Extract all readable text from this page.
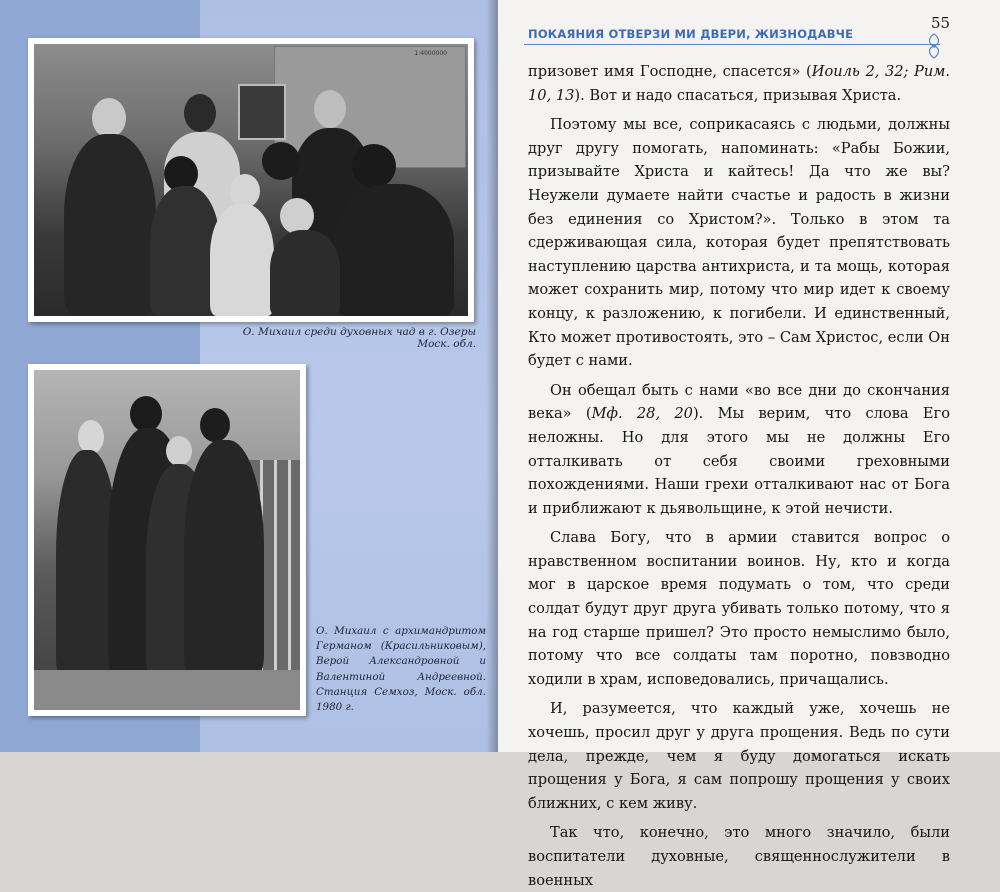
1:4000000
О. Михаил среди духовных чад в г. Озеры Моск. обл.
О. Михаил с архимандритом Германом (Красильниковым), Верой Александровной и Валентиной Андреевной. Станция Семхоз, Моск. обл. 1980 г.
ПОКАЯНИЯ ОТВЕРЗИ МИ ДВЕРИ, ЖИЗНОДАВЧЕ
55

призовет имя Господне, спасется» (Иоиль 2, 32; Рим. 10, 13). Вот и надо спасаться, призывая Христа.

Поэтому мы все, соприкасаясь с людьми, должны друг другу помогать, напоминать: «Рабы Божии, призывайте Христа и кайтесь! Да что же вы? Неужели думаете найти счастье и радость в жизни без единения со Христом?». Только в этом та сдерживающая сила, которая будет препятствовать наступлению царства антихриста, и та мощь, которая может сохранить мир, потому что мир идет к своему концу, к разложению, к погибели. И единственный, Кто может противостоять, это – Сам Христос, если Он будет с нами.

Он обещал быть с нами «во все дни до скончания века» (Мф. 28, 20). Мы верим, что слова Его неложны. Но для этого мы не должны Его отталкивать от себя своими греховными похождениями. Наши грехи отталкивают нас от Бога и приближают к дьявольщине, к этой нечисти.

Слава Богу, что в армии ставится вопрос о нравственном воспитании воинов. Ну, кто и когда мог в царское время подумать о том, что среди солдат будут друг друга убивать только потому, что я на год старше пришел? Это просто немыслимо было, потому что все солдаты там поротно, повзводно ходили в храм, исповедовались, причащались.

И, разумеется, что каждый уже, хочешь не хочешь, просил друг у друга прощения. Ведь по сути дела, прежде, чем я буду домогаться искать прощения у Бога, я сам попрошу прощения у своих ближних, с кем живу.

Так что, конечно, это много значило, были воспитатели духовные, священнослужители в военных
